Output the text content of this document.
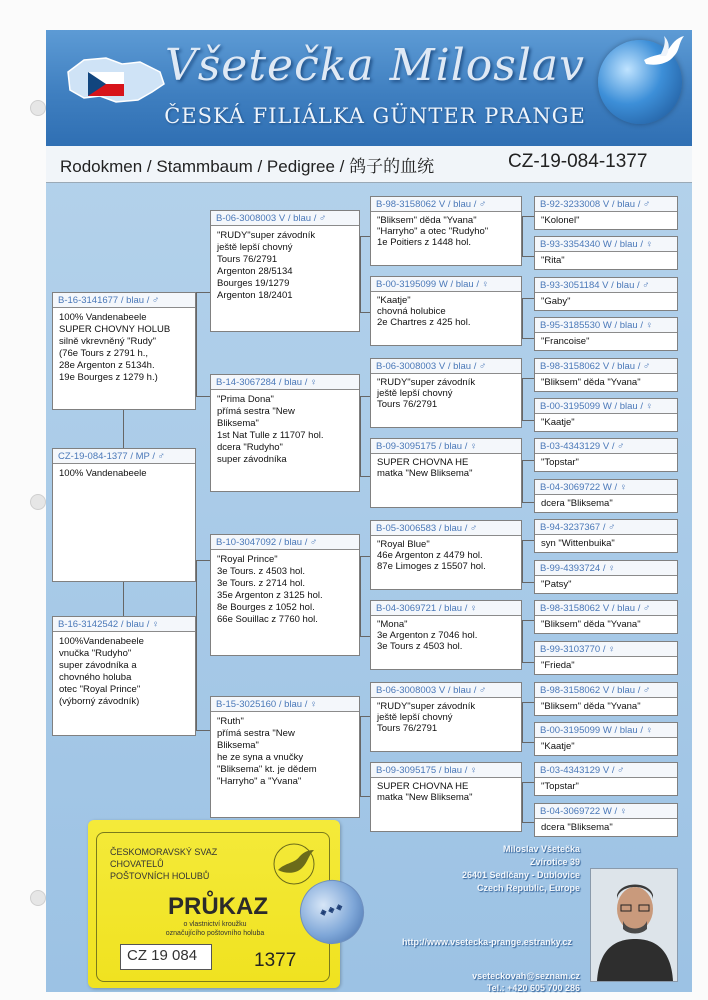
Všetečka Miloslav
ČESKÁ FILIÁLKA GÜNTER PRANGE
Rodokmen / Stammbaum / Pedigree / 鸽子的血统	CZ-19-084-1377
B-16-3141677 / blau / ♂
100% Vandenabeele
SUPER CHOVNY HOLUB
silně vkrevněný "Rudy"
(76e Tours z 2791 h.,
28e Argenton z 5134h.
19e Bourges z 1279 h.)
CZ-19-084-1377 / MP / ♂
100% Vandenabeele
B-16-3142542 / blau / ♀
100%Vandenabeele
vnučka "Rudyho"
super závodníka a
chovného holuba
otec "Royal Prince"
(výborný závodník)
B-06-3008003 V / blau / ♂
"RUDY"super závodník
ještě lepší chovný
Tours 76/2791
Argenton 28/5134
Bourges 19/1279
Argenton 18/2401
B-14-3067284 / blau / ♀
"Prima Dona"
přímá sestra "New
Bliksema"
1st Nat Tulle z 11707 hol.
dcera "Rudyho"
super závodníka
B-10-3047092 / blau / ♂
"Royal Prince"
3e Tours. z 4503 hol.
3e Tours. z 2714 hol.
35e Argenton z 3125 hol.
8e Bourges z 1052 hol.
66e Souillac z 7760 hol.
B-15-3025160 / blau / ♀
"Ruth"
přímá sestra "New
Bliksema"
he ze syna a vnučky
"Bliksema" kt. je dědem
"Harryho" a "Yvana"
B-98-3158062 V / blau / ♂
"Bliksem" děda "Yvana"
"Harryho" a otec "Rudyho"
1e Poitiers z 1448 hol.
B-00-3195099 W / blau / ♀
"Kaatje"
chovná holubice
2e Chartres z 425 hol.
B-06-3008003 V / blau / ♂
"RUDY"super závodník
ještě lepší chovný
Tours 76/2791
B-09-3095175 / blau / ♀
SUPER CHOVNA HE
matka "New Bliksema"
B-05-3006583 / blau / ♂
"Royal Blue"
46e Argenton z 4479 hol.
87e Limoges z 15507 hol.
B-04-3069721 / blau / ♀
"Mona"
3e Argenton z 7046 hol.
3e Tours z 4503 hol.
B-06-3008003 V / blau / ♂
"RUDY"super závodník
ještě lepší chovný
Tours 76/2791
B-09-3095175 / blau / ♀
SUPER CHOVNA HE
matka "New Bliksema"
B-92-3233008 V / blau / ♂
"Kolonel"
B-93-3354340 W / blau / ♀
"Rita"
B-93-3051184 V / blau / ♂
"Gaby"
B-95-3185530 W / blau / ♀
"Francoise"
B-98-3158062 V / blau / ♂
"Bliksem" děda "Yvana"
B-00-3195099 W / blau / ♀
"Kaatje"
B-03-4343129 V / ♂
"Topstar"
B-04-3069722 W / ♀
dcera "Bliksema"
B-94-3237367 / ♂
syn "Wittenbuika"
B-99-4393724 / ♀
"Patsy"
B-98-3158062 V / blau / ♂
"Bliksem" děda "Yvana"
B-99-3103770 / ♀
"Frieda"
B-98-3158062 V / blau / ♂
"Bliksem" děda "Yvana"
B-00-3195099 W / blau / ♀
"Kaatje"
B-03-4343129 V / ♂
"Topstar"
B-04-3069722 W / ♀
dcera "Bliksema"
ČESKOMORAVSKÝ SVAZ
CHOVATELŮ
POŠTOVNÍCH HOLUBŮ
PRŮKAZ
o vlastnictví kroužku
označujícího poštovního holuba
CZ 19 084	1377
◈ ◈ ◈
Miloslav Všetečka
Zvírotice 39
26401 Sedlčany - Dublovice
Czech Republic, Europe
http://www.vsetecka-prange.estranky.cz
vseteckovah@seznam.cz
Tel.: +420 605 700 286
